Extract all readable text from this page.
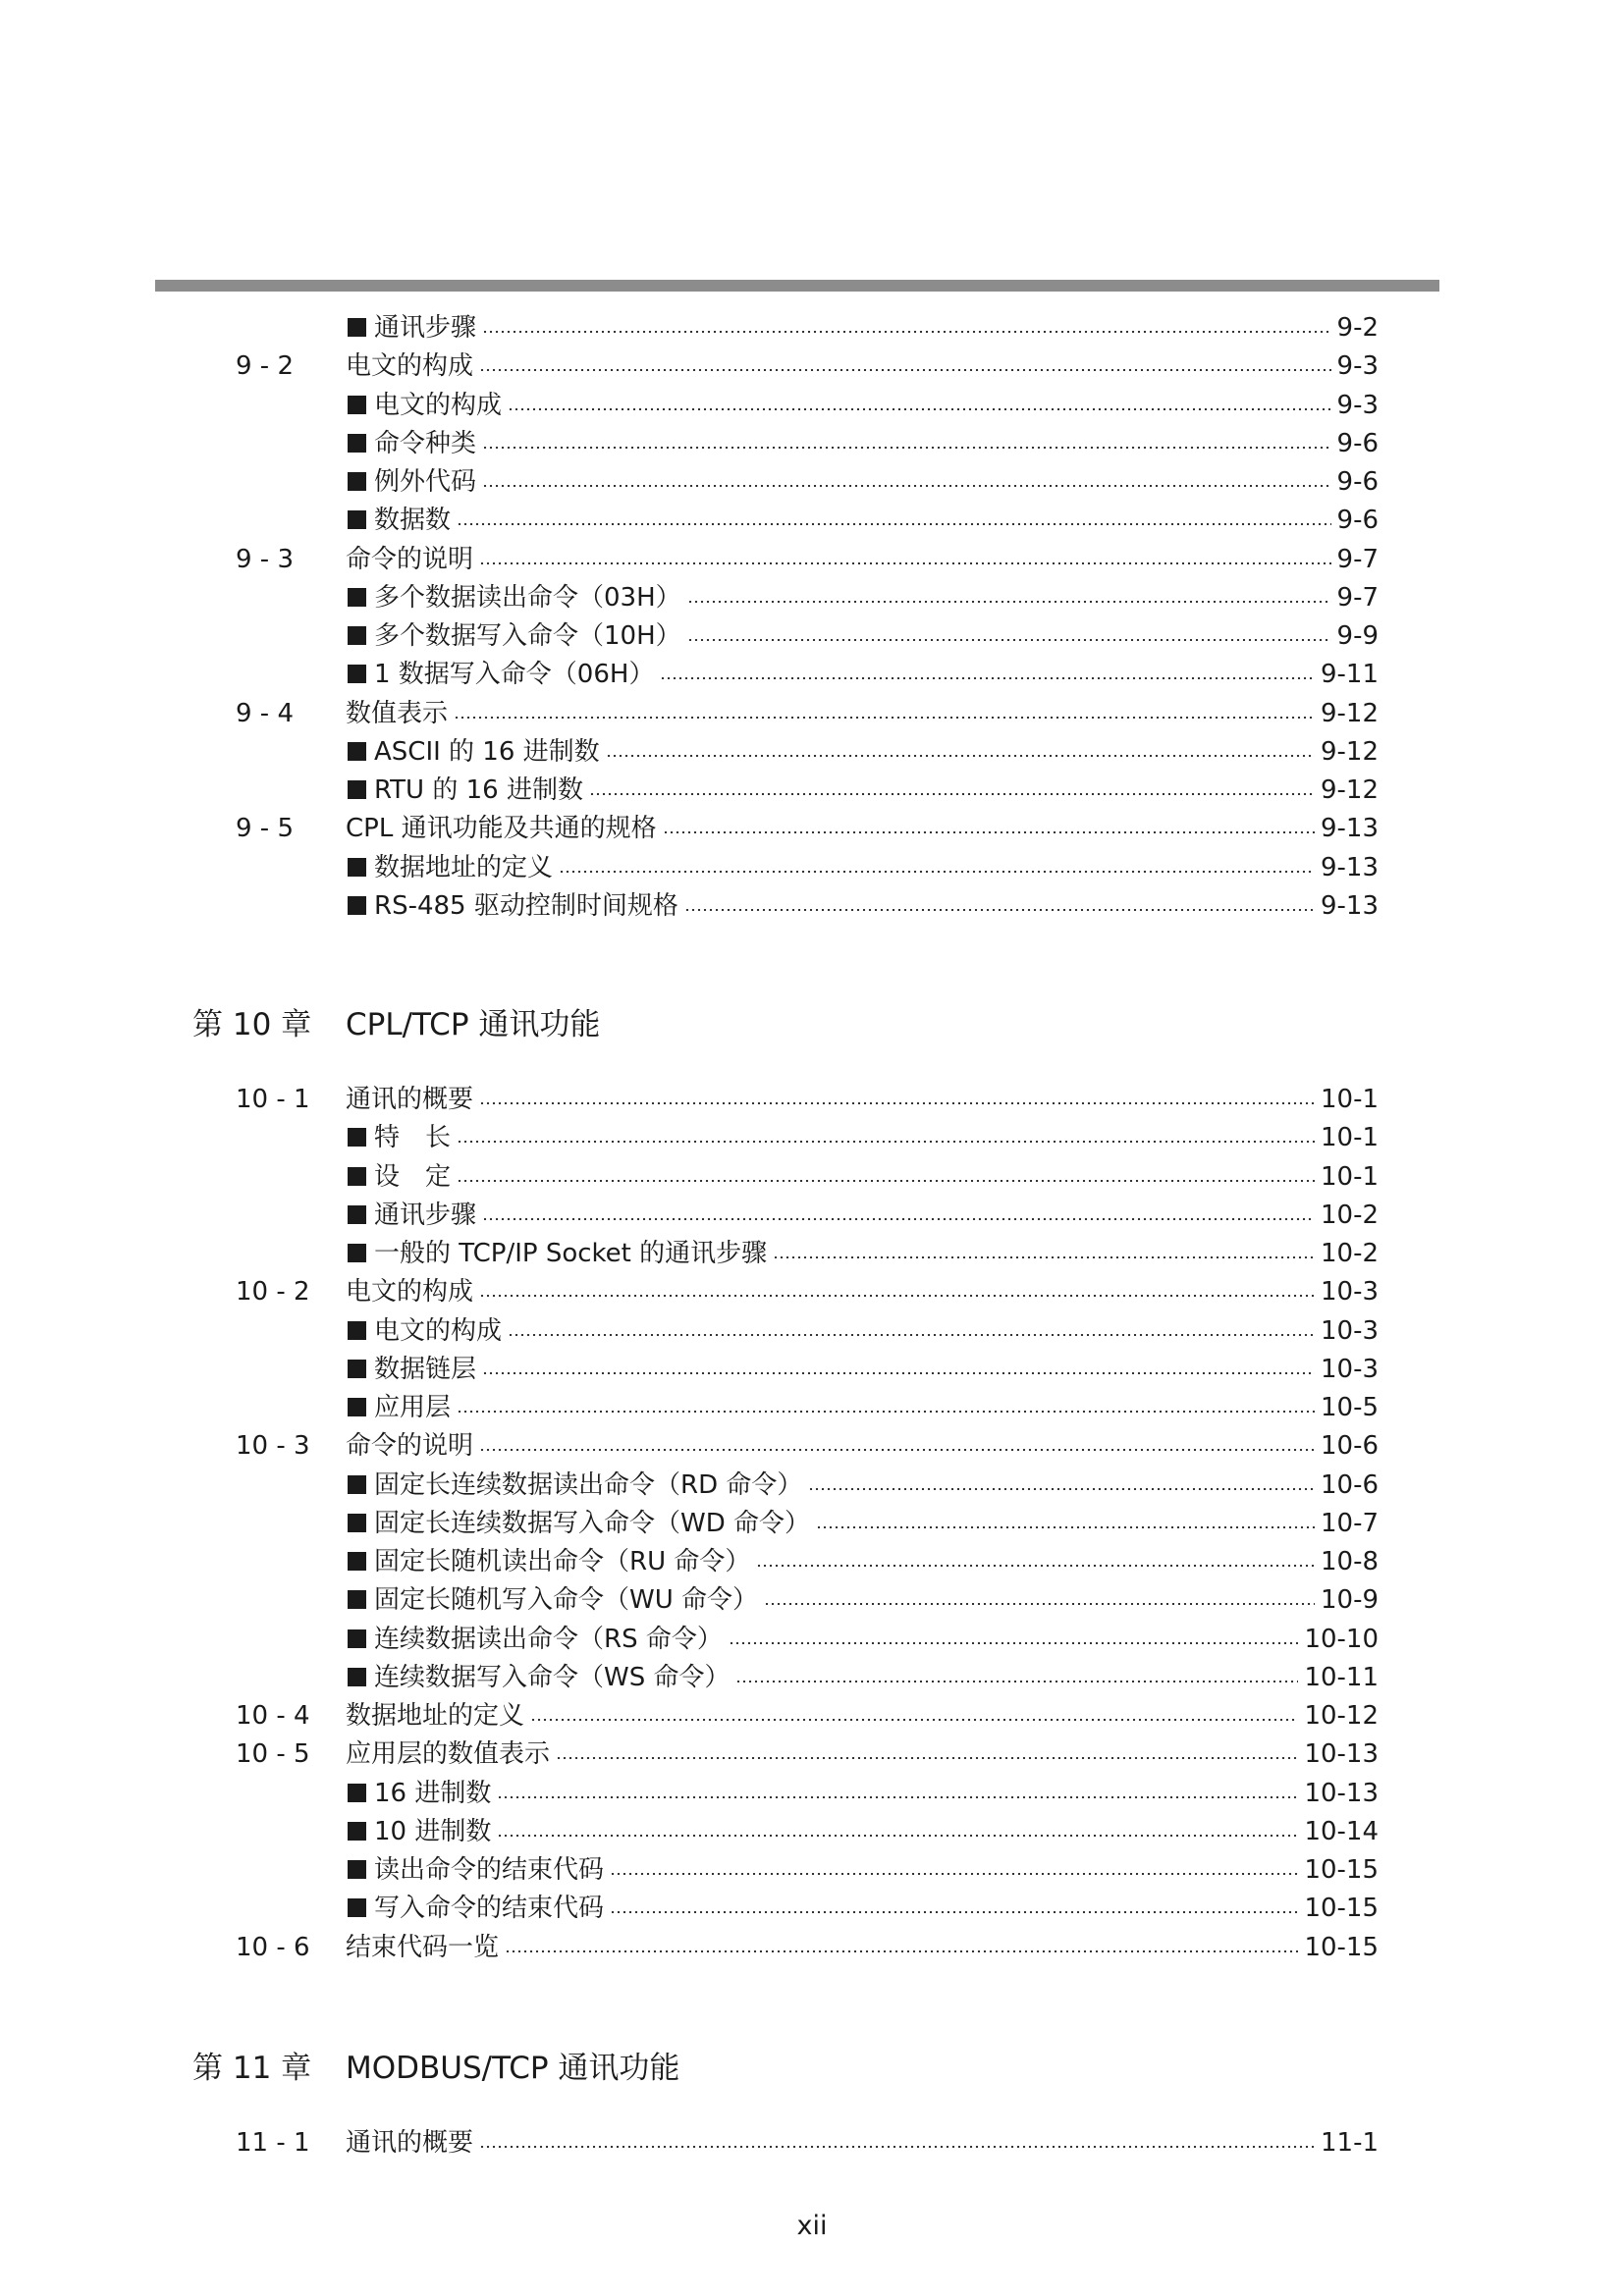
通讯步骤	9-2
9 - 2	电文的构成	9-3
电文的构成	9-3
命令种类	9-6
例外代码	9-6
数据数	9-6
9 - 3	命令的说明	9-7
多个数据读出命令（03H）	9-7
多个数据写入命令（10H）	9-9
1 数据写入命令（06H）	9-11
9 - 4	数值表示	9-12
ASCII 的 16 进制数	9-12
RTU 的 16 进制数	9-12
9 - 5	CPL 通讯功能及共通的规格	9-13
数据地址的定义	9-13
RS-485 驱动控制时间规格	9-13
第 10 章 CPL/TCP 通讯功能
10 - 1	通讯的概要	10-1
特　长	10-1
设　定	10-1
通讯步骤	10-2
一般的 TCP/IP Socket 的通讯步骤	10-2
10 - 2	电文的构成	10-3
电文的构成	10-3
数据链层	10-3
应用层	10-5
10 - 3	命令的说明	10-6
固定长连续数据读出命令（RD 命令）	10-6
固定长连续数据写入命令（WD 命令）	10-7
固定长随机读出命令（RU 命令）	10-8
固定长随机写入命令（WU 命令）	10-9
连续数据读出命令（RS 命令）	10-10
连续数据写入命令（WS 命令）	10-11
10 - 4	数据地址的定义	10-12
10 - 5	应用层的数值表示	10-13
16 进制数	10-13
10 进制数	10-14
读出命令的结束代码	10-15
写入命令的结束代码	10-15
10 - 6	结束代码一览	10-15
第 11 章 MODBUS/TCP 通讯功能
11 - 1	通讯的概要	11-1
xii
